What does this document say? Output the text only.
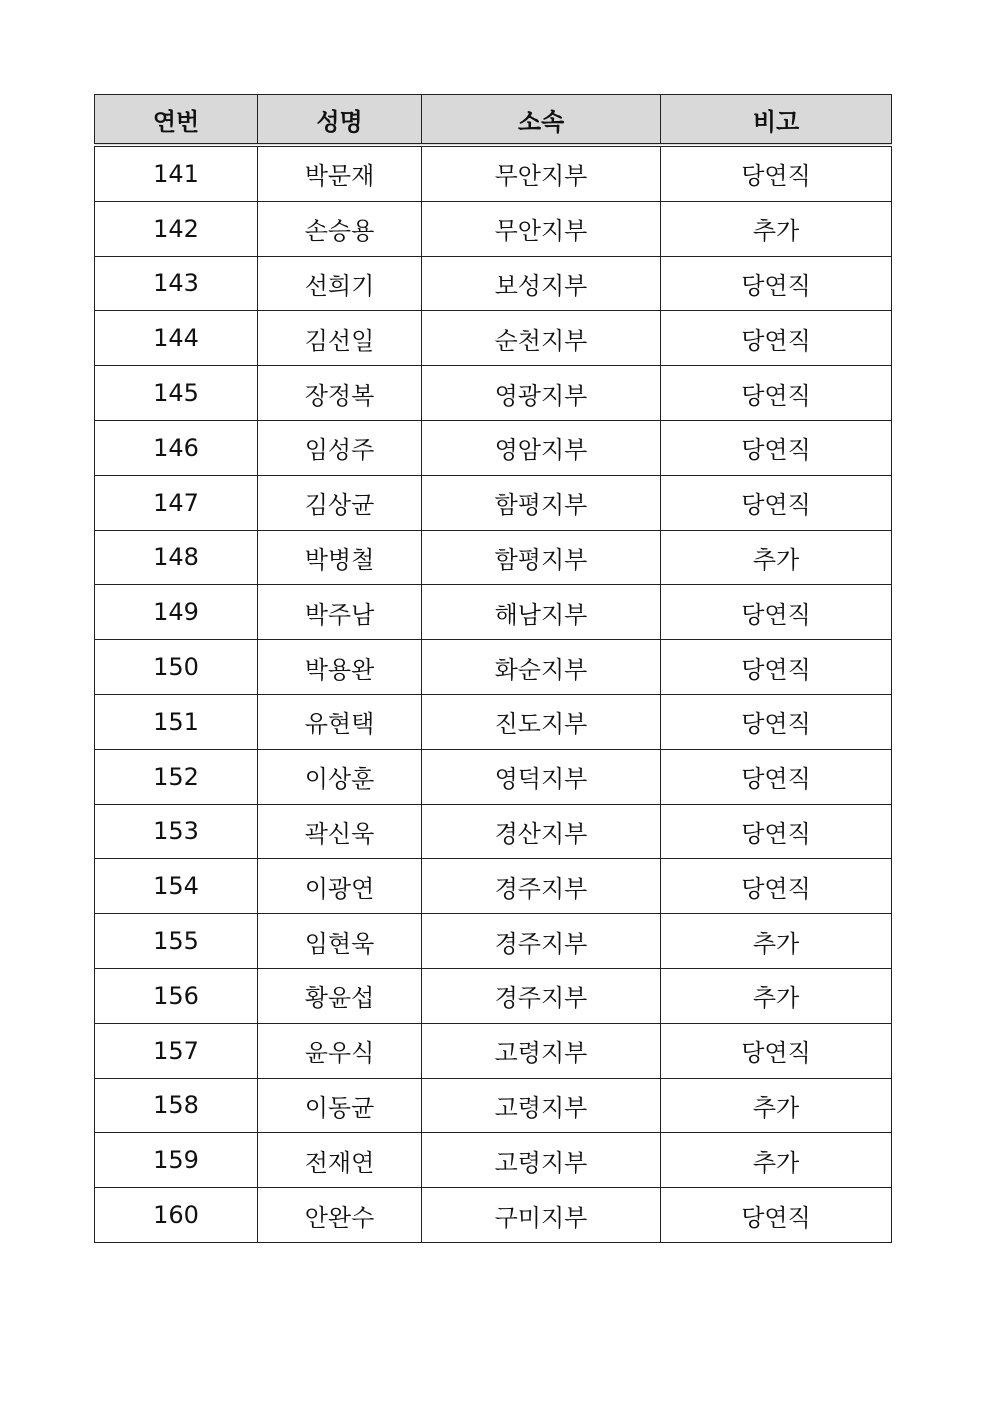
연번	성명	소속	비고
141	박문재	무안지부	당연직
142	손승용	무안지부	추가
143	선희기	보성지부	당연직
144	김선일	순천지부	당연직
145	장정복	영광지부	당연직
146	임성주	영암지부	당연직
147	김상균	함평지부	당연직
148	박병철	함평지부	추가
149	박주남	해남지부	당연직
150	박용완	화순지부	당연직
151	유현택	진도지부	당연직
152	이상훈	영덕지부	당연직
153	곽신욱	경산지부	당연직
154	이광연	경주지부	당연직
155	임현욱	경주지부	추가
156	황윤섭	경주지부	추가
157	윤우식	고령지부	당연직
158	이동균	고령지부	추가
159	전재연	고령지부	추가
160	안완수	구미지부	당연직
